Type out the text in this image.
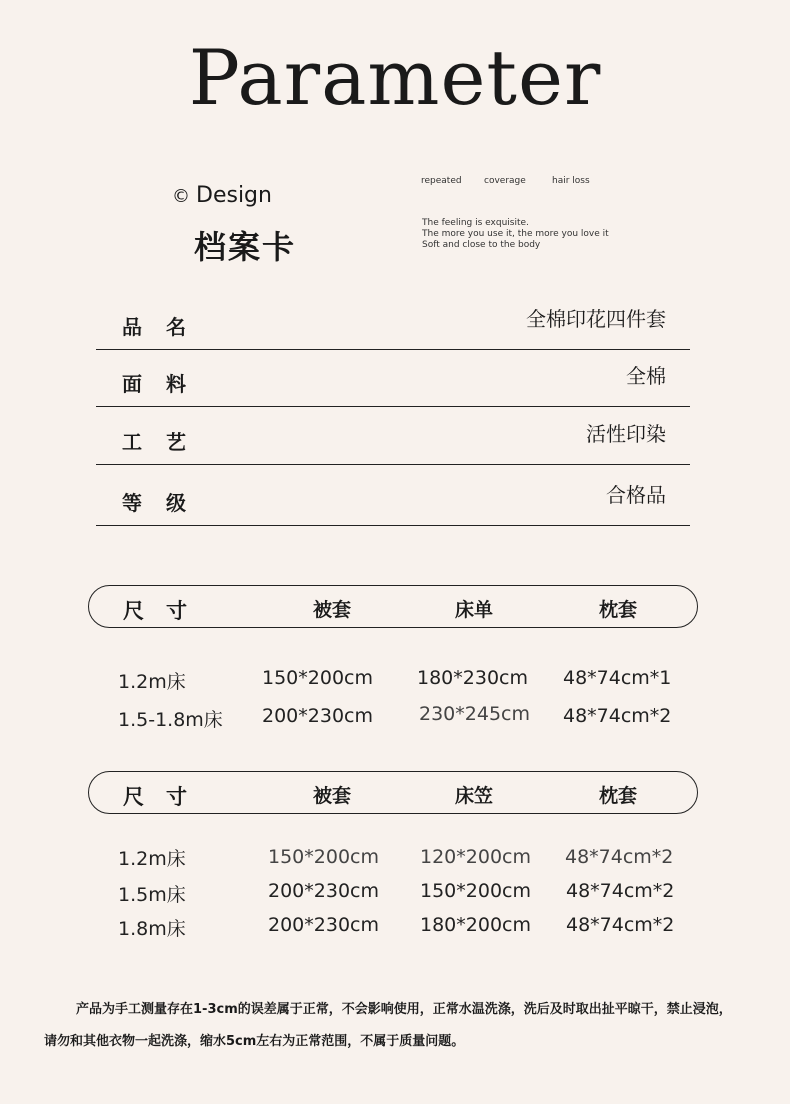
Parameter
© Design
档案卡
repeated coverage	hair loss
The feeling is exquisite.
The more you use it, the more you love it
Soft and close to the body
品名	全棉印花四件套
面料	全棉
工艺	活性印染
等级	合格品
尺寸	被套	床单	枕套
1.2m床	150*200cm 180*230cm 48*74cm*1
1.5-1.8m床 200*230cm 230*245cm 48*74cm*2
尺寸	被套	床笠	枕套
1.2m床	150*200cm 120*200cm 48*74cm*2
1.5m床	200*230cm 150*200cm 48*74cm*2
1.8m床	200*230cm 180*200cm 48*74cm*2
产品为手工测量存在1-3cm的误差属于正常，不会影响使用，正常水温洗涤，洗后及时取出扯平晾干，禁止浸泡，请勿和其他衣物一起洗涤，缩水5cm左右为正常范围，不属于质量问题。
